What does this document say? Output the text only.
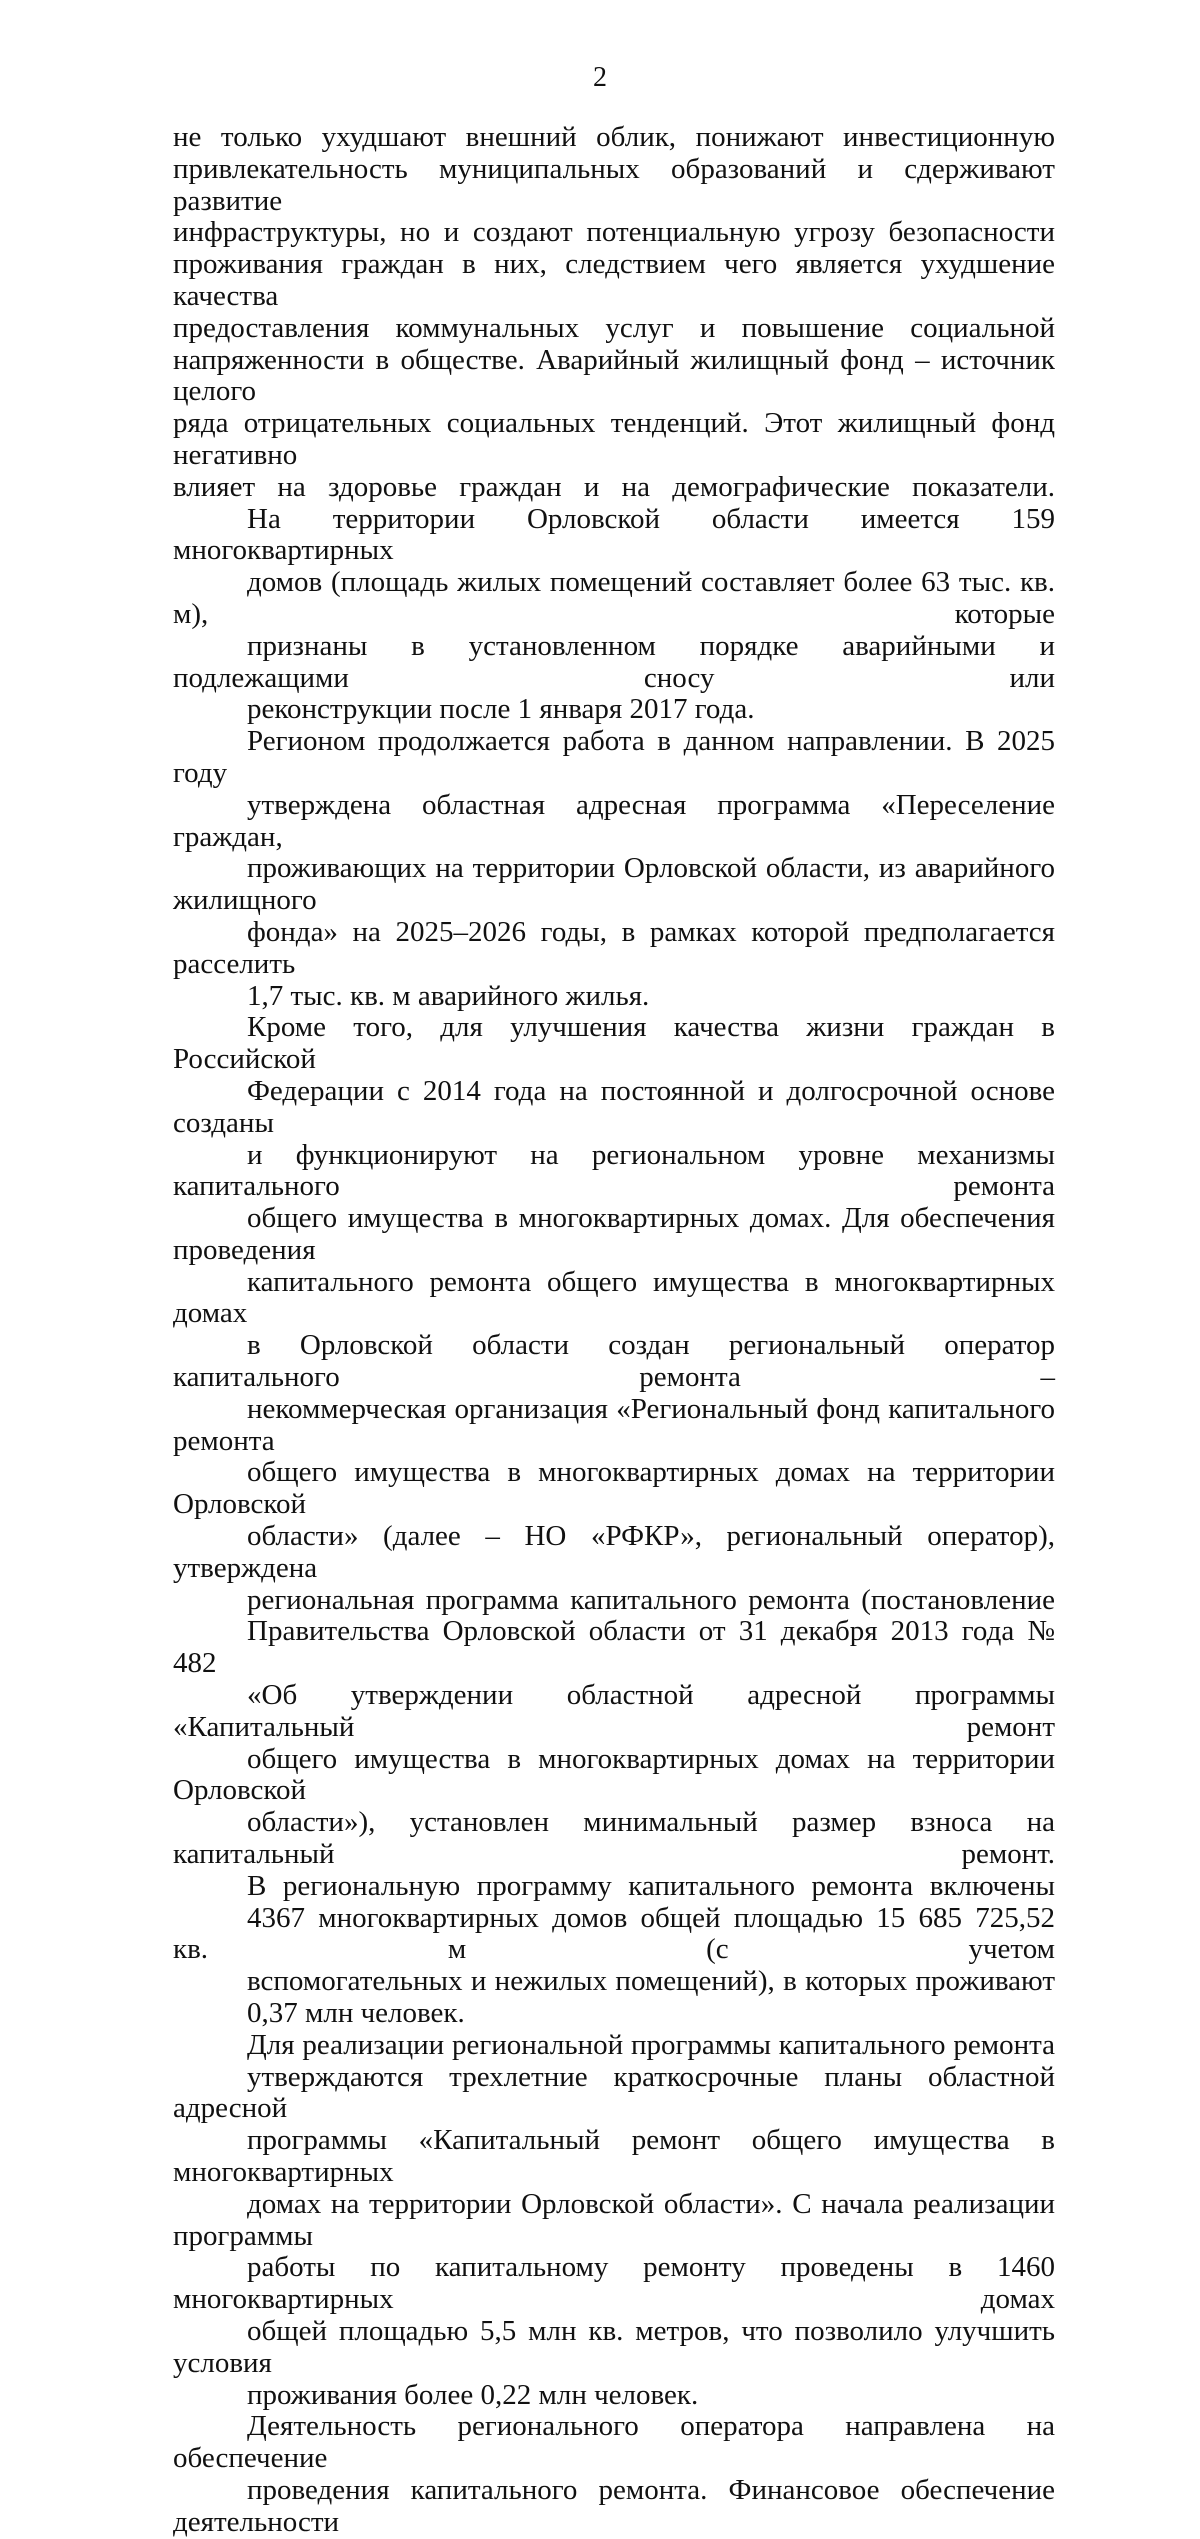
2
не только ухудшают внешний облик, понижают инвестиционную
привлекательность муниципальных образований и сдерживают развитие
инфраструктуры, но и создают потенциальную угрозу безопасности
проживания граждан в них, следствием чего является ухудшение качества
предоставления коммунальных услуг и повышение социальной
напряженности в обществе. Аварийный жилищный фонд – источник целого
ряда отрицательных социальных тенденций. Этот жилищный фонд негативно
влияет на здоровье граждан и на демографические показатели.
На территории Орловской области имеется 159 многоквартирных
домов (площадь жилых помещений составляет более 63 тыс. кв. м), которые
признаны в установленном порядке аварийными и подлежащими сносу или
реконструкции после 1 января 2017 года.
Регионом продолжается работа в данном направлении. В 2025 году
утверждена областная адресная программа «Переселение граждан,
проживающих на территории Орловской области, из аварийного жилищного
фонда» на 2025–2026 годы, в рамках которой предполагается расселить
1,7 тыс. кв. м аварийного жилья.
Кроме того, для улучшения качества жизни граждан в Российской
Федерации с 2014 года на постоянной и долгосрочной основе созданы
и функционируют на региональном уровне механизмы капитального ремонта
общего имущества в многоквартирных домах. Для обеспечения проведения
капитального ремонта общего имущества в многоквартирных домах
в Орловской области создан региональный оператор капитального ремонта –
некоммерческая организация «Региональный фонд капитального ремонта
общего имущества в многоквартирных домах на территории Орловской
области» (далее – НО «РФКР», региональный оператор), утверждена
региональная программа капитального ремонта (постановление
Правительства Орловской области от 31 декабря 2013 года № 482
«Об утверждении областной адресной программы «Капитальный ремонт
общего имущества в многоквартирных домах на территории Орловской
области»), установлен минимальный размер взноса на капитальный ремонт.
В региональную программу капитального ремонта включены
4367 многоквартирных домов общей площадью 15 685 725,52 кв. м (с учетом
вспомогательных и нежилых помещений), в которых проживают
0,37 млн человек.
Для реализации региональной программы капитального ремонта
утверждаются трехлетние краткосрочные планы областной адресной
программы «Капитальный ремонт общего имущества в многоквартирных
домах на территории Орловской области». С начала реализации программы
работы по капитальному ремонту проведены в 1460 многоквартирных домах
общей площадью 5,5 млн кв. метров, что позволило улучшить условия
проживания более 0,22 млн человек.
Деятельность регионального оператора направлена на обеспечение
проведения капитального ремонта. Финансовое обеспечение деятельности
